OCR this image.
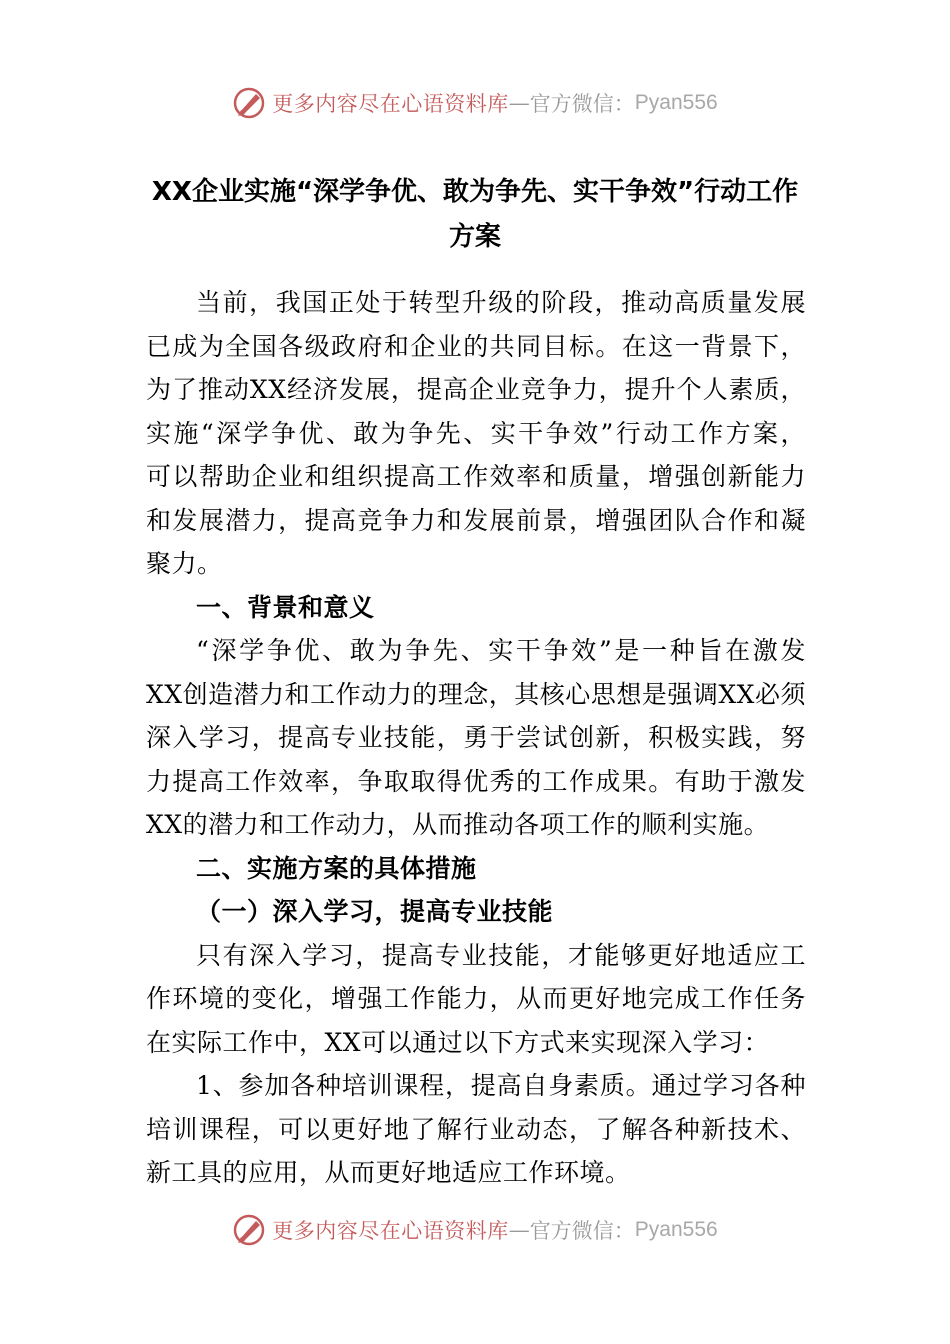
更多内容尽在心语资料库 — 官方微信： Pyan556
XX企业实施“深学争优、敢为争先、实干争效”行动工作
方案
当前，我国正处于转型升级的阶段，推动高质量发展
已成为全国各级政府和企业的共同目标。在这一背景下，
为了推动XX经济发展，提高企业竞争力，提升个人素质，
实施“深学争优、敢为争先、实干争效”行动工作方案，
可以帮助企业和组织提高工作效率和质量，增强创新能力
和发展潜力，提高竞争力和发展前景，增强团队合作和凝
聚力。
一、背景和意义
“深学争优、敢为争先、实干争效”是一种旨在激发
XX创造潜力和工作动力的理念，其核心思想是强调XX必须
深入学习，提高专业技能，勇于尝试创新，积极实践，努
力提高工作效率，争取取得优秀的工作成果。有助于激发
XX的潜力和工作动力，从而推动各项工作的顺利实施。
二、实施方案的具体措施
（一）深入学习，提高专业技能
只有深入学习，提高专业技能，才能够更好地适应工
作环境的变化，增强工作能力，从而更好地完成工作任务
在实际工作中，XX可以通过以下方式来实现深入学习：
1、参加各种培训课程，提高自身素质。通过学习各种
培训课程，可以更好地了解行业动态，了解各种新技术、
新工具的应用，从而更好地适应工作环境。
更多内容尽在心语资料库 — 官方微信： Pyan556
